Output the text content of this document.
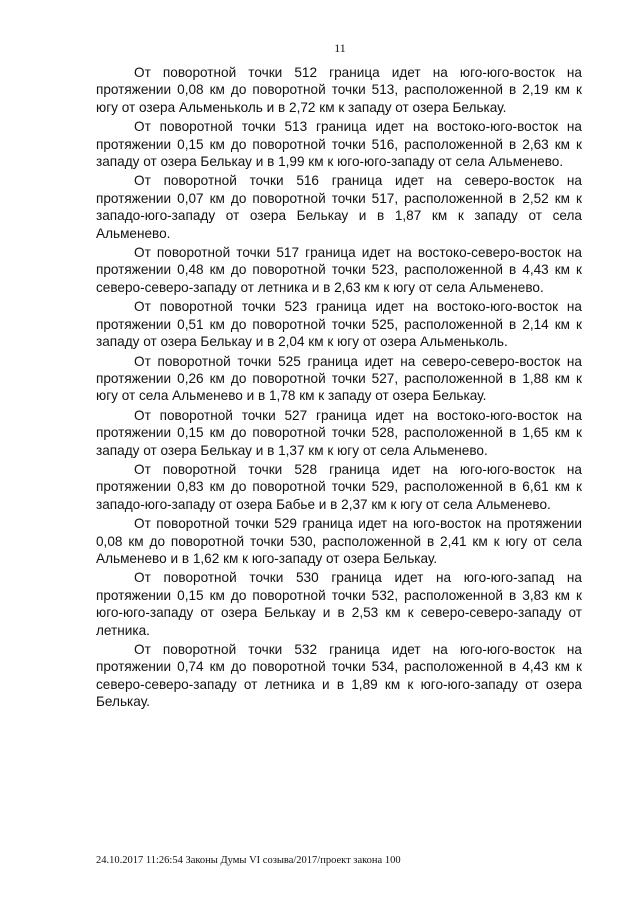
11

От поворотной точки 512 граница идет на юго-юго-восток на протяжении 0,08 км до поворотной точки 513, расположенной в 2,19 км к югу от озера Альменьколь и в 2,72 км к западу от озера Белькау.

От поворотной точки 513 граница идет на востоко-юго-восток на протяжении 0,15 км до поворотной точки 516, расположенной в 2,63 км к западу от озера Белькау и в 1,99 км к юго-юго-западу от села Альменево.

От поворотной точки 516 граница идет на северо-восток на протяжении 0,07 км до поворотной точки 517, расположенной в 2,52 км к западо-юго-западу от озера Белькау и в 1,87 км к западу от села Альменево.

От поворотной точки 517 граница идет на востоко-северо-восток на протяжении 0,48 км до поворотной точки 523, расположенной в 4,43 км к северо-северо-западу от летника и в 2,63 км к югу от села Альменево.

От поворотной точки 523 граница идет на востоко-юго-восток на протяжении 0,51 км до поворотной точки 525, расположенной в 2,14 км к западу от озера Белькау и в 2,04 км к югу от озера Альменьколь.

От поворотной точки 525 граница идет на северо-северо-восток на протяжении 0,26 км до поворотной точки 527, расположенной в 1,88 км к югу от села Альменево и в 1,78 км к западу от озера Белькау.

От поворотной точки 527 граница идет на востоко-юго-восток на протяжении 0,15 км до поворотной точки 528, расположенной в 1,65 км к западу от озера Белькау и в 1,37 км к югу от села Альменево.

От поворотной точки 528 граница идет на юго-юго-восток на протяжении 0,83 км до поворотной точки 529, расположенной в 6,61 км к западо-юго-западу от озера Бабье и в 2,37 км к югу от села Альменево.

От поворотной точки 529 граница идет на юго-восток на протяжении 0,08 км до поворотной точки 530, расположенной в 2,41 км к югу от села Альменево и в 1,62 км к юго-западу от озера Белькау.

От поворотной точки 530 граница идет на юго-юго-запад на протяжении 0,15 км до поворотной точки 532, расположенной в 3,83 км к юго-юго-западу от озера Белькау и в 2,53 км к северо-северо-западу от летника.

От поворотной точки 532 граница идет на юго-юго-восток на протяжении 0,74 км до поворотной точки 534, расположенной в 4,43 км к северо-северо-западу от летника и в 1,89 км к юго-юго-западу от озера Белькау.

24.10.2017 11:26:54 Законы Думы VI созыва/2017/проект закона 100
